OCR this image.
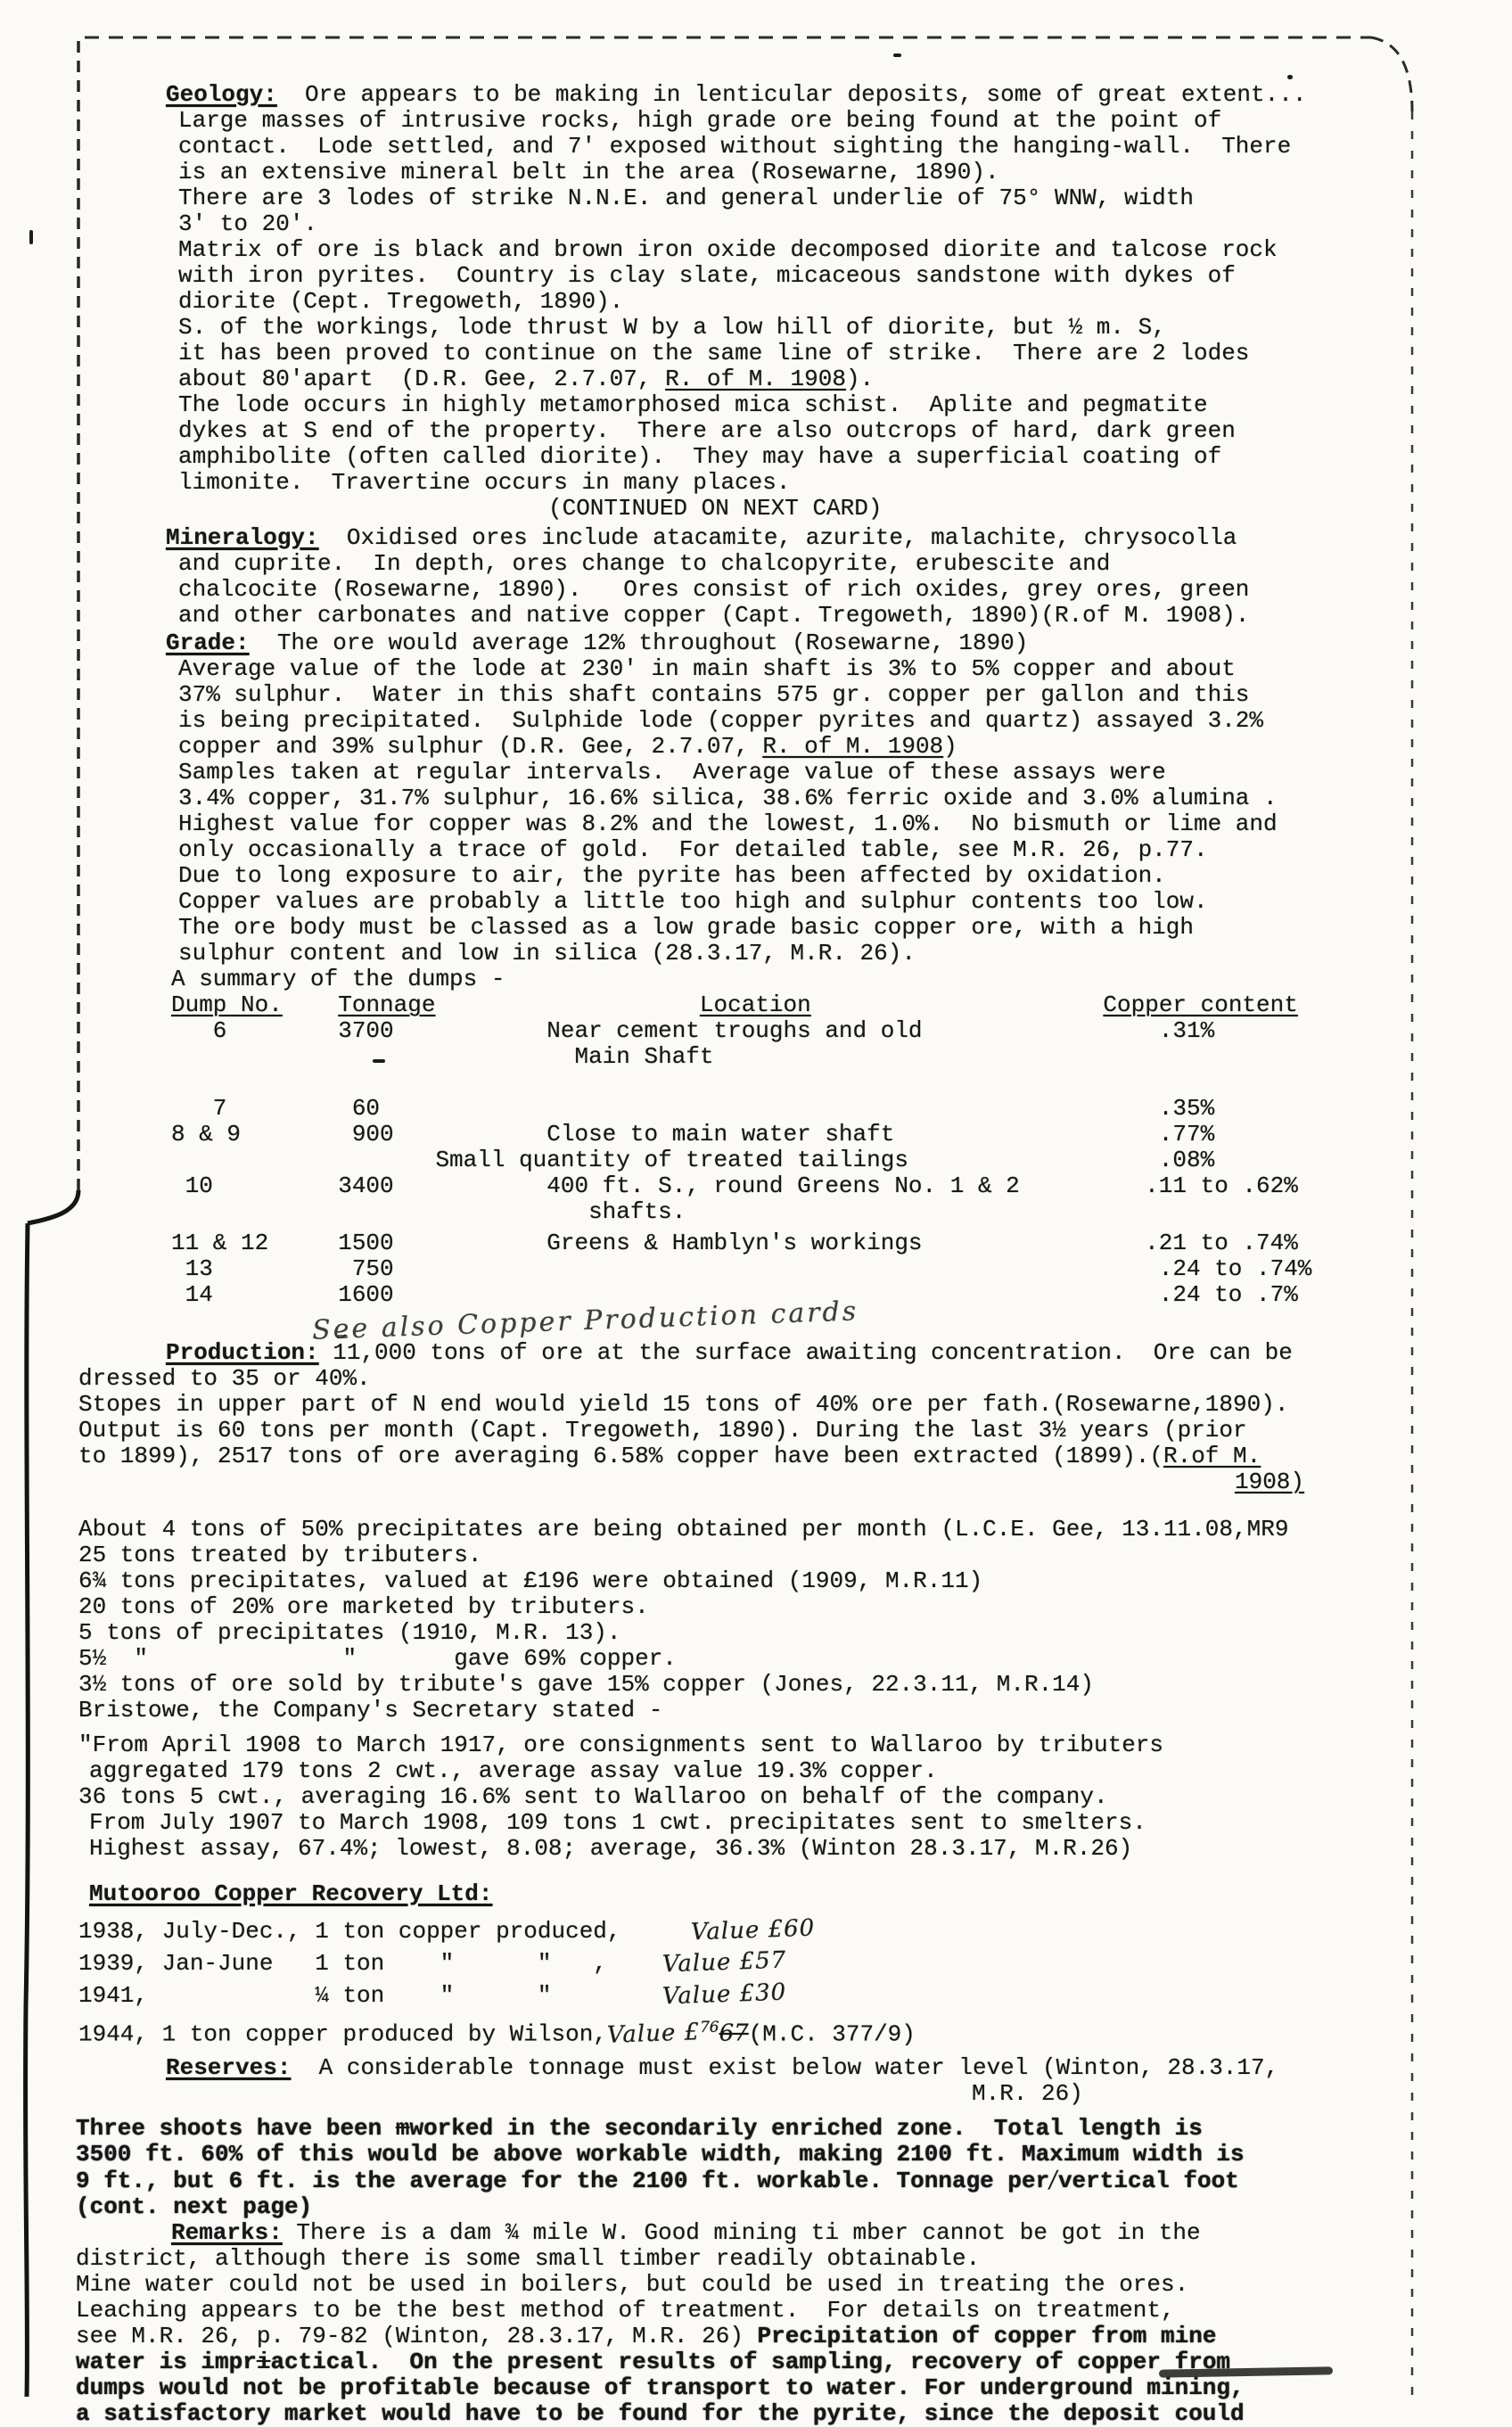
Geology:  Ore appears to be making in lenticular deposits, some of great extent...
Large masses of intrusive rocks, high grade ore being found at the point of
contact.  Lode settled, and 7' exposed without sighting the hanging-wall.  There
is an extensive mineral belt in the area (Rosewarne, 1890).
There are 3 lodes of strike N.N.E. and general underlie of 75° WNW, width
3' to 20'.
Matrix of ore is black and brown iron oxide decomposed diorite and talcose rock
with iron pyrites.  Country is clay slate, micaceous sandstone with dykes of
diorite (Cept. Tregoweth, 1890).
S. of the workings, lode thrust W by a low hill of diorite, but ½ m. S,
it has been proved to continue on the same line of strike.  There are 2 lodes
about 80'apart  (D.R. Gee, 2.7.07, R. of M. 1908).
The lode occurs in highly metamorphosed mica schist.  Aplite and pegmatite
dykes at S end of the property.  There are also outcrops of hard, dark green
amphibolite (often called diorite).  They may have a superficial coating of
limonite.  Travertine occurs in many places.
(CONTINUED ON NEXT CARD)
Mineralogy:  Oxidised ores include atacamite, azurite, malachite, chrysocolla
and cuprite.  In depth, ores change to chalcopyrite, erubescite and
chalcocite (Rosewarne, 1890).   Ores consist of rich oxides, grey ores, green
and other carbonates and native copper (Capt. Tregoweth, 1890)(R.of M. 1908).
Grade:  The ore would average 12% throughout (Rosewarne, 1890)
Average value of the lode at 230' in main shaft is 3% to 5% copper and about
37% sulphur.  Water in this shaft contains 575 gr. copper per gallon and this
is being precipitated.  Sulphide lode (copper pyrites and quartz) assayed 3.2%
copper and 39% sulphur (D.R. Gee, 2.7.07, R. of M. 1908)
Samples taken at regular intervals.  Average value of these assays were
3.4% copper, 31.7% sulphur, 16.6% silica, 38.6% ferric oxide and 3.0% alumina .
Highest value for copper was 8.2% and the lowest, 1.0%.  No bismuth or lime and
only occasionally a trace of gold.  For detailed table, see M.R. 26, p.77.
Due to long exposure to air, the pyrite has been affected by oxidation.
Copper values are probably a little too high and sulphur contents too low.
The ore body must be classed as a low grade basic copper ore, with a high
sulphur content and low in silica (28.3.17, M.R. 26).
A summary of the dumps -
Dump No. Tonnage	Location	Copper content
6        3700           Near cement troughs and old                 .31%
Main Shaft
7         60                                                        .35%
8 & 9        900           Close to main water shaft                   .77%
Small quantity of treated tailings                  .08%
10         3400           400 ft. S., round Greens No. 1 & 2         .11 to .62%
shafts.
11 & 12     1500           Greens & Hamblyn's workings                .21 to .74%
13          750                                                       .24 to .74%
14         1600                                                       .24 to .7%
See also Copper Production cards
Production: 11,000 tons of ore at the surface awaiting concentration.  Ore can be
dressed to 35 or 40%.
Stopes in upper part of N end would yield 15 tons of 40% ore per fath.(Rosewarne,1890).
Output is 60 tons per month (Capt. Tregoweth, 1890). During the last 3½ years (prior
to 1899), 2517 tons of ore averaging 6.58% copper have been extracted (1899).(R.of M.
1908)
About 4 tons of 50% precipitates are being obtained per month (L.C.E. Gee, 13.11.08,MR9
25 tons treated by tributers.
6¾ tons precipitates, valued at £196 were obtained (1909, M.R.11)
20 tons of 20% ore marketed by tributers.
5 tons of precipitates (1910, M.R. 13).
5½  "              "       gave 69% copper.
3½ tons of ore sold by tribute's gave 15% copper (Jones, 22.3.11, M.R.14)
Bristowe, the Company's Secretary stated -
"From April 1908 to March 1917, ore consignments sent to Wallaroo by tributers
aggregated 179 tons 2 cwt., average assay value 19.3% copper.
36 tons 5 cwt., averaging 16.6% sent to Wallaroo on behalf of the company.
From July 1907 to March 1908, 109 tons 1 cwt. precipitates sent to smelters.
Highest assay, 67.4%; lowest, 8.08; average, 36.3% (Winton 28.3.17, M.R.26)
Mutooroo Copper Recovery Ltd:
1938, July-Dec., 1 ton copper produced,     Value £60
1939, Jan-June   1 ton    "      "   ,    Value £57
1941,            ¼ ton    "      "        Value £30
1944, 1 ton copper produced by Wilson,Value £$^{76}$67(M.C. 377/9)
Reserves:  A considerable tonnage must exist below water level (Winton, 28.3.17,
M.R. 26)
Three shoots have been mworked in the secondarily enriched zone.  Total length is
3500 ft. 60% of this would be above workable width, making 2100 ft. Maximum width is
9 ft., but 6 ft. is the average for the 2100 ft. workable. Tonnage per/vertical foot
(cont. next page)
Remarks: There is a dam ¾ mile W. Good mining ti mber cannot be got in the
district, although there is some small timber readily obtainable.
Mine water could not be used in boilers, but could be used in treating the ores.
Leaching appears to be the best method of treatment.  For details on treatment,
see M.R. 26, p. 79-82 (Winton, 28.3.17, M.R. 26) Precipitation of copper from mine
water is impriactical.  On the present results of sampling, recovery of copper from
dumps would not be profitable because of transport to water. For underground mining,
a satisfactory market would have to be found for the pyrite, since the deposit could
